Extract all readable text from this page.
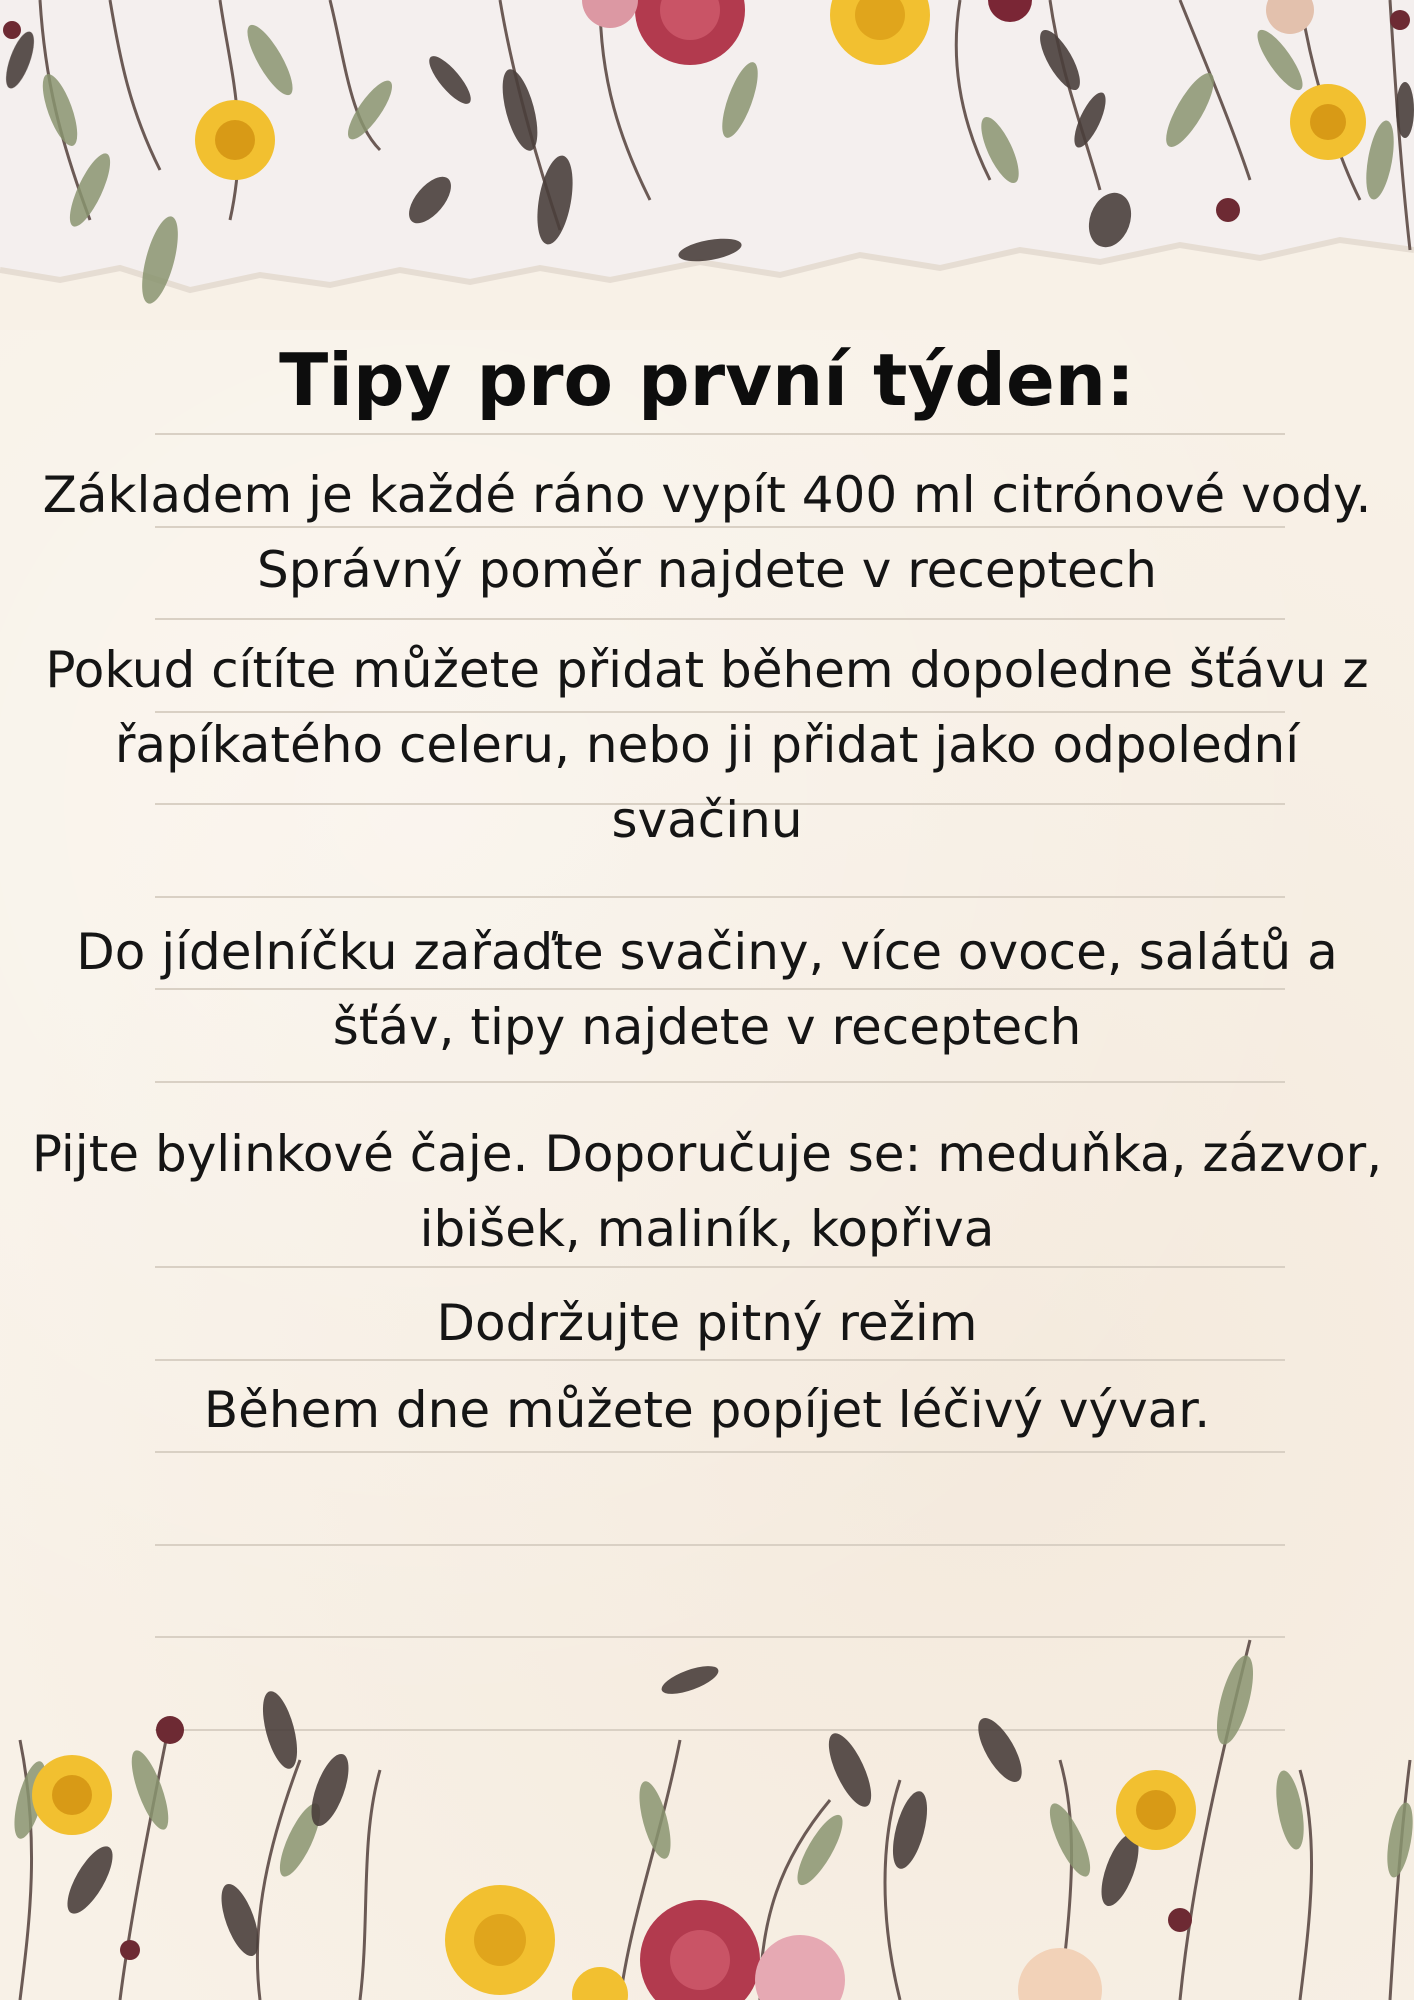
Tipy pro první týden:

Základem je každé ráno vypít 400 ml citrónové vody. Správný poměr najdete v receptech

Pokud cítíte můžete přidat během dopoledne šťávu z řapíkatého celeru, nebo ji přidat jako odpolední svačinu

Do jídelníčku zařaďte svačiny, více ovoce, salátů a šťáv, tipy najdete v receptech

Pijte bylinkové čaje. Doporučuje se: meduňka, zázvor, ibišek, maliník, kopřiva

Dodržujte pitný režim

Během dne můžete popíjet léčivý vývar.
